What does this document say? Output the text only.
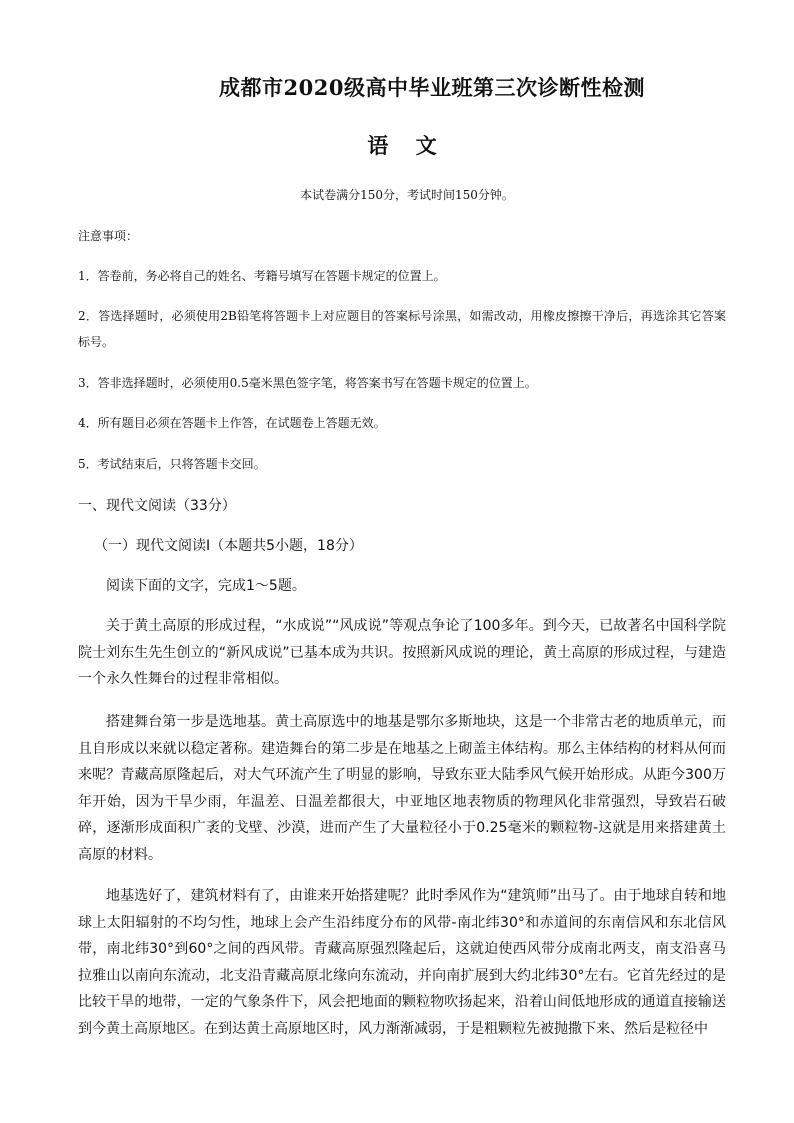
成都市2020级高中毕业班第三次诊断性检测
语 文
本试卷满分150分，考试时间150分钟。
注意事项：
1．答卷前，务必将自己的姓名、考籍号填写在答题卡规定的位置上。
2．答选择题时，必须使用2B铅笔将答题卡上对应题目的答案标号涂黑，如需改动，用橡皮擦擦干净后，再选涂其它答案标号。
3．答非选择题时，必须使用0.5毫米黑色签字笔，将答案书写在答题卡规定的位置上。
4．所有题目必须在答题卡上作答，在试题卷上答题无效。
5．考试结束后，只将答题卡交回。
一、现代文阅读（33分）
（一）现代文阅读Ⅰ（本题共5小题，18分）
阅读下面的文字，完成1～5题。
关于黄土高原的形成过程，“水成说”“风成说”等观点争论了100多年。到今天，已故著名中国科学院院士刘东生先生创立的“新风成说”已基本成为共识。按照新风成说的理论，黄土高原的形成过程，与建造一个永久性舞台的过程非常相似。
搭建舞台第一步是选地基。黄土高原选中的地基是鄂尔多斯地块，这是一个非常古老的地质单元，而且自形成以来就以稳定著称。建造舞台的第二步是在地基之上砌盖主体结构。那么主体结构的材料从何而来呢？青藏高原隆起后，对大气环流产生了明显的影响，导致东亚大陆季风气候开始形成。从距今300万年开始，因为干旱少雨，年温差、日温差都很大，中亚地区地表物质的物理风化非常强烈，导致岩石破碎，逐渐形成面积广袤的戈壁、沙漠，进而产生了大量粒径小于0.25毫米的颗粒物-这就是用来搭建黄土高原的材料。
地基选好了，建筑材料有了，由谁来开始搭建呢？此时季风作为“建筑师”出马了。由于地球自转和地球上太阳辐射的不均匀性，地球上会产生沿纬度分布的风带-南北纬30°和赤道间的东南信风和东北信风带，南北纬30°到60°之间的西风带。青藏高原强烈隆起后，这就迫使西风带分成南北两支，南支沿喜马拉雅山以南向东流动，北支沿青藏高原北缘向东流动，并向南扩展到大约北纬30°左右。它首先经过的是比较干旱的地带，一定的气象条件下，风会把地面的颗粒物吹扬起来，沿着山间低地形成的通道直接输送到今黄土高原地区。在到达黄土高原地区时，风力渐渐减弱，于是粗颗粒先被抛撒下来、然后是粒径中
